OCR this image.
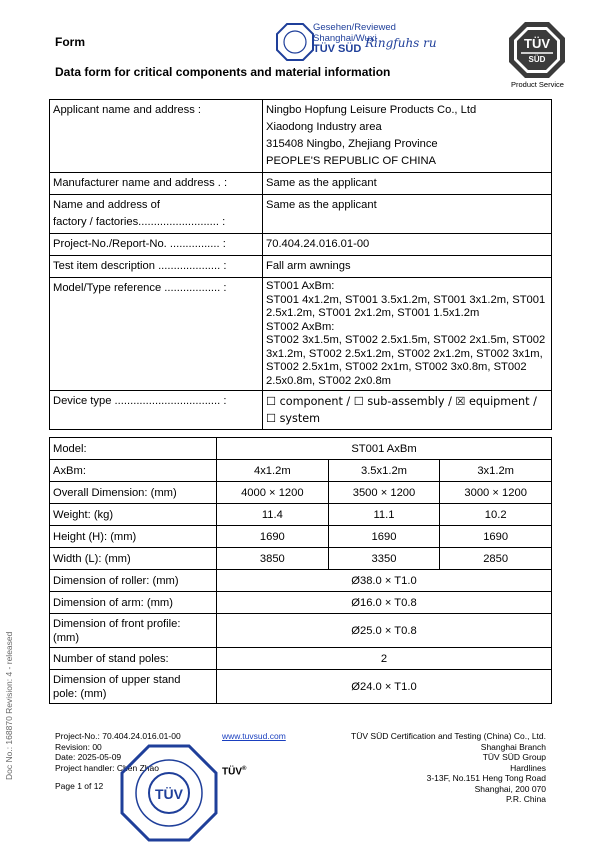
Form
Data form for critical components and material information
Gesehen/Reviewed
Shanghai/Wuxi
TÜV SÜD Ringfuhs ru	TÜV
SÜD
Product Service
Applicant name and address :	Ningbo Hopfung Leisure Products Co., Ltd
Xiaodong Industry area
315408 Ningbo, Zhejiang Province
PEOPLE'S REPUBLIC OF CHINA

Manufacturer name and address . :	Same as the applicant
Name and address of
factory / factories.......................... :	Same as the applicant
Project-No./Report-No. ................ :	70.404.24.016.01-00
Test item description .................... :	Fall arm awnings
Model/Type reference .................. :	ST001 AxBm:
ST001 4x1.2m, ST001 3.5x1.2m, ST001 3x1.2m, ST001 2.5x1.2m, ST001 2x1.2m, ST001 1.5x1.2m
ST002 AxBm:
ST002 3x1.5m, ST002 2.5x1.5m, ST002 2x1.5m, ST002 3x1.2m, ST002 2.5x1.2m, ST002 2x1.2m, ST002 3x1m, ST002 2.5x1m, ST002 2x1m, ST002 3x0.8m, ST002 2.5x0.8m, ST002 2x0.8m

Device type .................................. :	☐ component / ☐ sub-assembly / ☒ equipment /
☐ system
Model:	ST001 AxBm		
AxBm:	4x1.2m	3.5x1.2m	3x1.2m
Overall Dimension: (mm)	4000 × 1200	3500 × 1200	3000 × 1200
Weight: (kg)	11.4	11.1	10.2
Height (H): (mm)	1690	1690	1690
Width (L): (mm)	3850	3350	2850
Dimension of roller: (mm)	Ø38.0 × T1.0		
Dimension of arm: (mm)	Ø16.0 × T0.8		
Dimension of front profile:
(mm)	Ø25.0 × T0.8		
Number of stand poles:	2		
Dimension of upper stand
pole: (mm)	Ø24.0 × T1.0		
Doc No.: 168870 Revision: 4 - released	Project-No.: 70.404.24.016.01-00
Revision: 00
Date: 2025-05-09
Project handler: Chen Zhao
Page 1 of 12	TÜV
www.tuvsud.com
TÜV®
TÜV SÜD Certification and Testing (China) Co., Ltd.
Shanghai Branch
TÜV SÜD Group
Hardlines
3-13F, No.151 Heng Tong Road
Shanghai, 200 070
P.R. China
